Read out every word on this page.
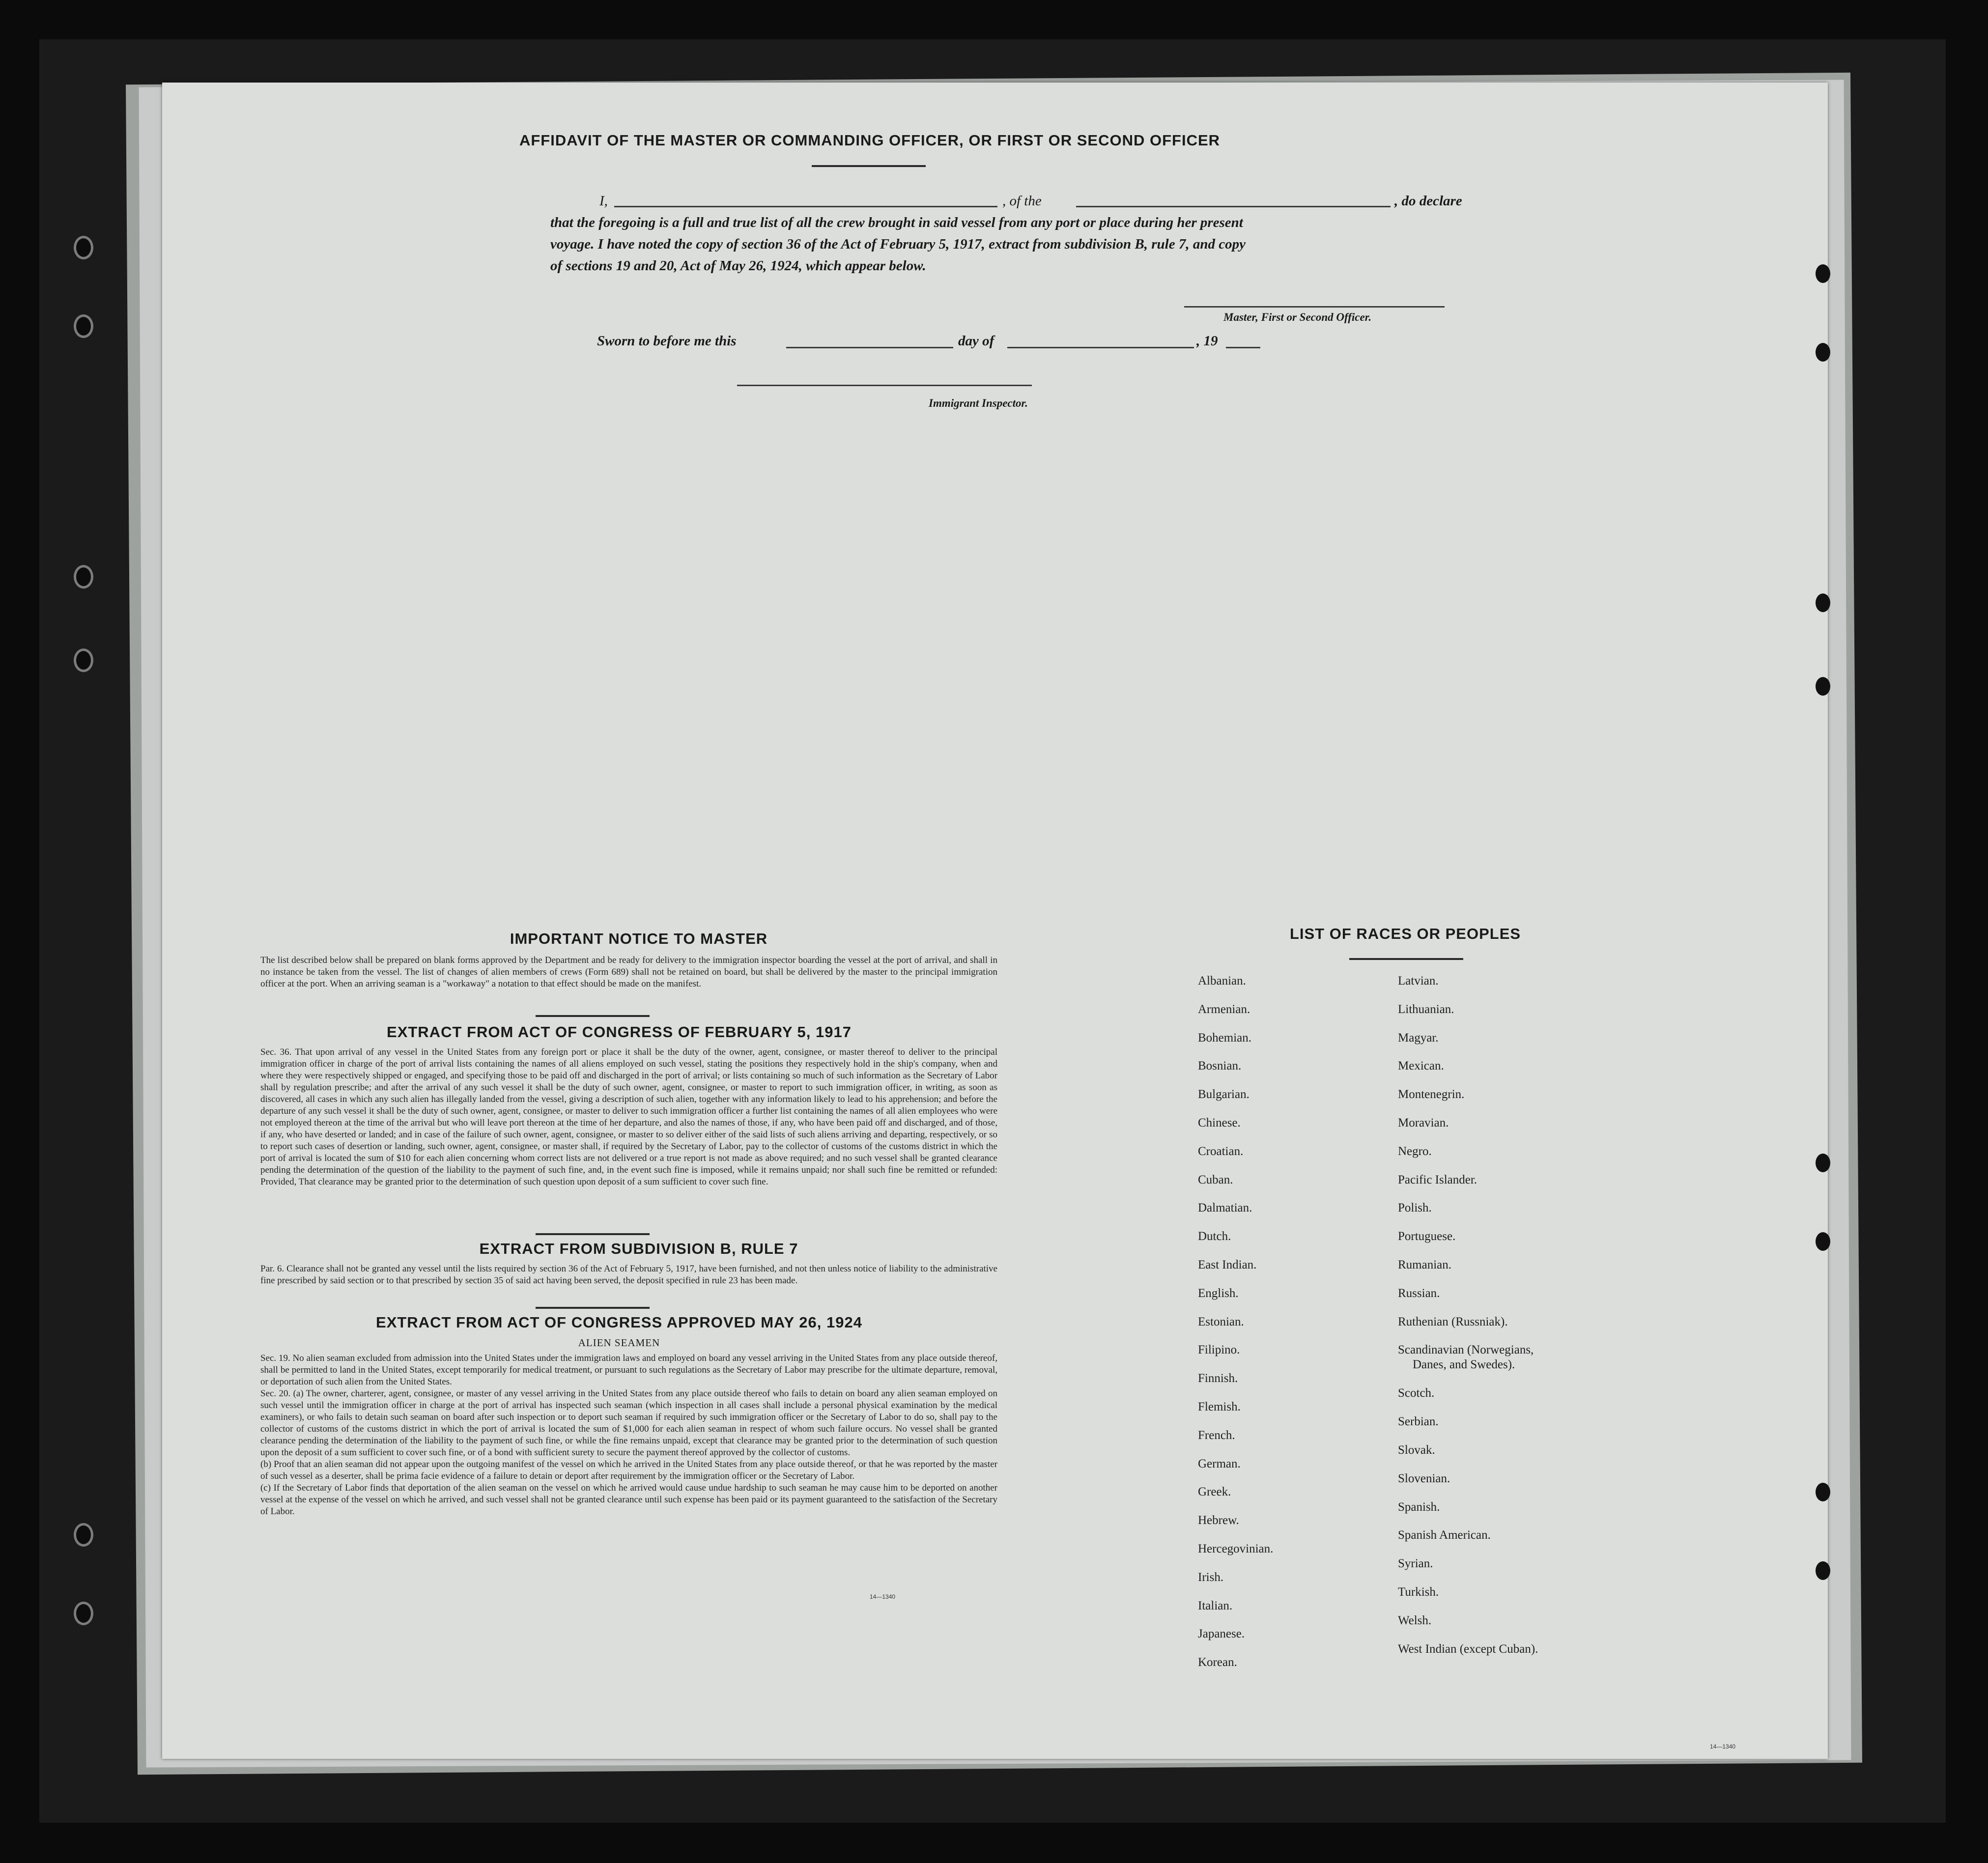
AFFIDAVIT OF THE MASTER OR COMMANDING OFFICER, OR FIRST OR SECOND OFFICER
I,	, of the	, do declare
that the foregoing is a full and true list of all the crew brought in said vessel from any port or place during her present
voyage. I have noted the copy of section 36 of the Act of February 5, 1917, extract from subdivision B, rule 7, and copy
of sections 19 and 20, Act of May 26, 1924, which appear below.
Master, First or Second Officer.
Sworn to before me this	day of	, 19
Immigrant Inspector.
IMPORTANT NOTICE TO MASTER
The list described below shall be prepared on blank forms approved by the Department and be ready for delivery to the immigration inspector boarding the vessel at the port of arrival, and shall in no instance be taken from the vessel. The list of changes of alien members of crews (Form 689) shall not be retained on board, but shall be delivered by the master to the principal immigration officer at the port. When an arriving seaman is a "workaway" a notation to that effect should be made on the manifest.
EXTRACT FROM ACT OF CONGRESS OF FEBRUARY 5, 1917
Sec. 36. That upon arrival of any vessel in the United States from any foreign port or place it shall be the duty of the owner, agent, consignee, or master thereof to deliver to the principal immigration officer in charge of the port of arrival lists containing the names of all aliens employed on such vessel, stating the positions they respectively hold in the ship's company, when and where they were respectively shipped or engaged, and specifying those to be paid off and discharged in the port of arrival; or lists containing so much of such information as the Secretary of Labor shall by regulation prescribe; and after the arrival of any such vessel it shall be the duty of such owner, agent, consignee, or master to report to such immigration officer, in writing, as soon as discovered, all cases in which any such alien has illegally landed from the vessel, giving a description of such alien, together with any information likely to lead to his apprehension; and before the departure of any such vessel it shall be the duty of such owner, agent, consignee, or master to deliver to such immigration officer a further list containing the names of all alien employees who were not employed thereon at the time of the arrival but who will leave port thereon at the time of her departure, and also the names of those, if any, who have been paid off and discharged, and of those, if any, who have deserted or landed; and in case of the failure of such owner, agent, consignee, or master to so deliver either of the said lists of such aliens arriving and departing, respectively, or so to report such cases of desertion or landing, such owner, agent, consignee, or master shall, if required by the Secretary of Labor, pay to the collector of customs of the customs district in which the port of arrival is located the sum of $10 for each alien concerning whom correct lists are not delivered or a true report is not made as above required; and no such vessel shall be granted clearance pending the determination of the question of the liability to the payment of such fine, and, in the event such fine is imposed, while it remains unpaid; nor shall such fine be remitted or refunded: Provided, That clearance may be granted prior to the determination of such question upon deposit of a sum sufficient to cover such fine.
EXTRACT FROM SUBDIVISION B, RULE 7
Par. 6. Clearance shall not be granted any vessel until the lists required by section 36 of the Act of February 5, 1917, have been furnished, and not then unless notice of liability to the administrative fine prescribed by said section or to that prescribed by section 35 of said act having been served, the deposit specified in rule 23 has been made.
EXTRACT FROM ACT OF CONGRESS APPROVED MAY 26, 1924
ALIEN SEAMEN
Sec. 19. No alien seaman excluded from admission into the United States under the immigration laws and employed on board any vessel arriving in the United States from any place outside thereof, shall be permitted to land in the United States, except temporarily for medical treatment, or pursuant to such regulations as the Secretary of Labor may prescribe for the ultimate departure, removal, or deportation of such alien from the United States.
Sec. 20. (a) The owner, charterer, agent, consignee, or master of any vessel arriving in the United States from any place outside thereof who fails to detain on board any alien seaman employed on such vessel until the immigration officer in charge at the port of arrival has inspected such seaman (which inspection in all cases shall include a personal physical examination by the medical examiners), or who fails to detain such seaman on board after such inspection or to deport such seaman if required by such immigration officer or the Secretary of Labor to do so, shall pay to the collector of customs of the customs district in which the port of arrival is located the sum of $1,000 for each alien seaman in respect of whom such failure occurs. No vessel shall be granted clearance pending the determination of the liability to the payment of such fine, or while the fine remains unpaid, except that clearance may be granted prior to the determination of such question upon the deposit of a sum sufficient to cover such fine, or of a bond with sufficient surety to secure the payment thereof approved by the collector of customs.
(b) Proof that an alien seaman did not appear upon the outgoing manifest of the vessel on which he arrived in the United States from any place outside thereof, or that he was reported by the master of such vessel as a deserter, shall be prima facie evidence of a failure to detain or deport after requirement by the immigration officer or the Secretary of Labor.
(c) If the Secretary of Labor finds that deportation of the alien seaman on the vessel on which he arrived would cause undue hardship to such seaman he may cause him to be deported on another vessel at the expense of the vessel on which he arrived, and such vessel shall not be granted clearance until such expense has been paid or its payment guaranteed to the satisfaction of the Secretary of Labor.
14—1340
LIST OF RACES OR PEOPLES
Albanian.
Armenian.
Bohemian.
Bosnian.
Bulgarian.
Chinese.
Croatian.
Cuban.
Dalmatian.
Dutch.
East Indian.
English.
Estonian.
Filipino.
Finnish.
Flemish.
French.
German.
Greek.
Hebrew.
Hercegovinian.
Irish.
Italian.
Japanese.
Korean.
Latvian.
Lithuanian.
Magyar.
Mexican.
Montenegrin.
Moravian.
Negro.
Pacific Islander.
Polish.
Portuguese.
Rumanian.
Russian.
Ruthenian (Russniak).
Scandinavian (Norwegians,
Danes, and Swedes).
Scotch.
Serbian.
Slovak.
Slovenian.
Spanish.
Spanish American.
Syrian.
Turkish.
Welsh.
West Indian (except Cuban).
14—1340
